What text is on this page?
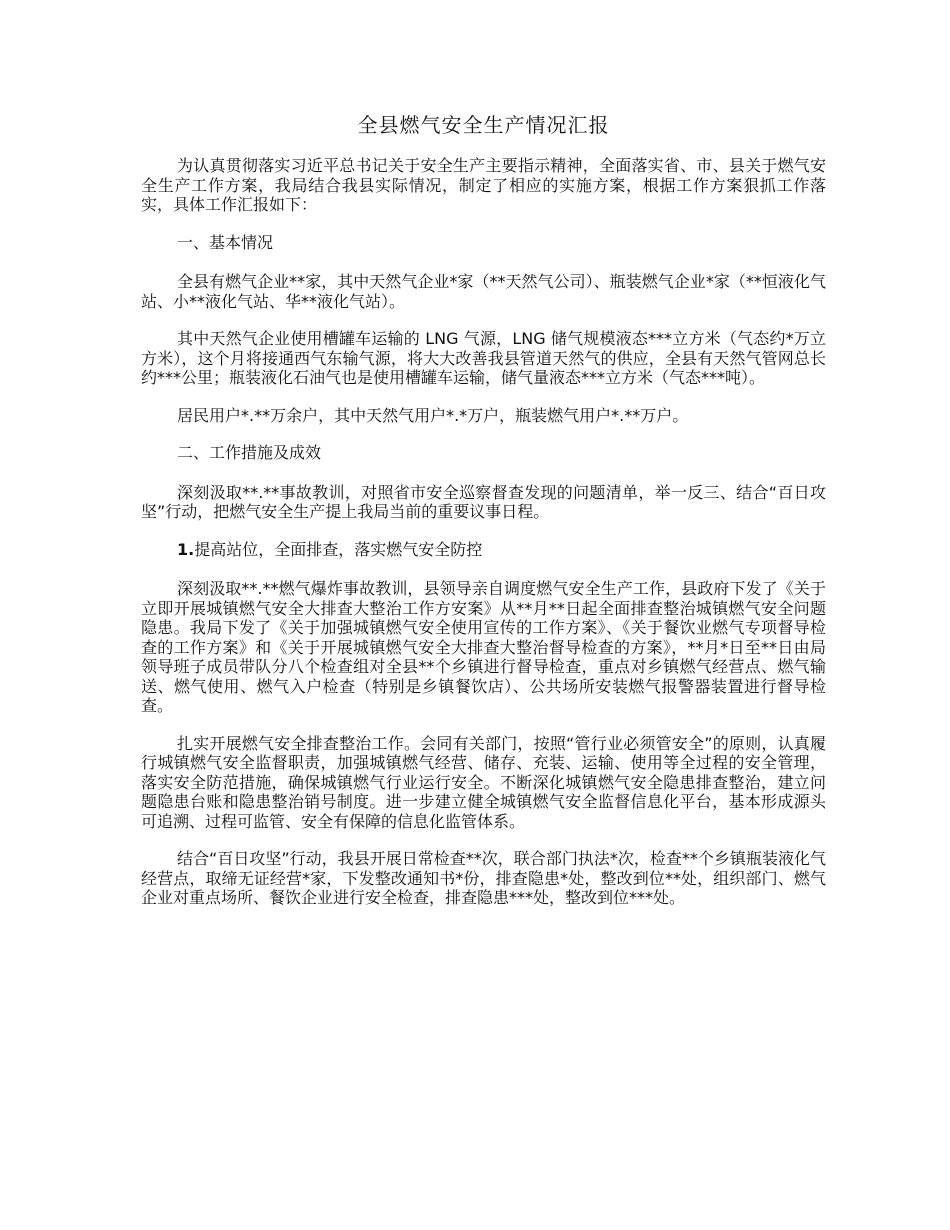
全县燃气安全生产情况汇报

为认真贯彻落实习近平总书记关于安全生产主要指示精神，全面落实省、市、县关于燃气安全生产工作方案，我局结合我县实际情况，制定了相应的实施方案，根据工作方案狠抓工作落实，具体工作汇报如下：

一、基本情况

全县有燃气企业**家，其中天然气企业*家（**天然气公司）、瓶装燃气企业*家（**恒液化气站、小**液化气站、华**液化气站）。

其中天然气企业使用槽罐车运输的 LNG 气源，LNG 储气规模液态***立方米（气态约*万立方米），这个月将接通西气东输气源，将大大改善我县管道天然气的供应，全县有天然气管网总长约***公里；瓶装液化石油气也是使用槽罐车运输，储气量液态***立方米（气态***吨）。

居民用户*.**万余户，其中天然气用户*.*万户，瓶装燃气用户*.**万户。

二、工作措施及成效

深刻汲取**.**事故教训，对照省市安全巡察督查发现的问题清单，举一反三、结合“百日攻坚”行动，把燃气安全生产提上我局当前的重要议事日程。

1.提高站位，全面排查，落实燃气安全防控

深刻汲取**.**燃气爆炸事故教训，县领导亲自调度燃气安全生产工作，县政府下发了《关于立即开展城镇燃气安全大排查大整治工作方安案》从**月**日起全面排查整治城镇燃气安全问题隐患。我局下发了《关于加强城镇燃气安全使用宣传的工作方案》、《关于餐饮业燃气专项督导检查的工作方案》和《关于开展城镇燃气安全大排查大整治督导检查的方案》，**月*日至**日由局领导班子成员带队分八个检查组对全县**个乡镇进行督导检查，重点对乡镇燃气经营点、燃气输送、燃气使用、燃气入户检查（特别是乡镇餐饮店）、公共场所安装燃气报警器装置进行督导检查。

扎实开展燃气安全排查整治工作。会同有关部门，按照“管行业必须管安全”的原则，认真履行城镇燃气安全监督职责，加强城镇燃气经营、储存、充装、运输、使用等全过程的安全管理，落实安全防范措施，确保城镇燃气行业运行安全。不断深化城镇燃气安全隐患排查整治，建立问题隐患台账和隐患整治销号制度。进一步建立健全城镇燃气安全监督信息化平台，基本形成源头可追溯、过程可监管、安全有保障的信息化监管体系。

结合“百日攻坚”行动，我县开展日常检查**次，联合部门执法*次，检查**个乡镇瓶装液化气经营点，取缔无证经营*家，下发整改通知书*份，排查隐患*处，整改到位**处，组织部门、燃气企业对重点场所、餐饮企业进行安全检查，排查隐患***处，整改到位***处。
